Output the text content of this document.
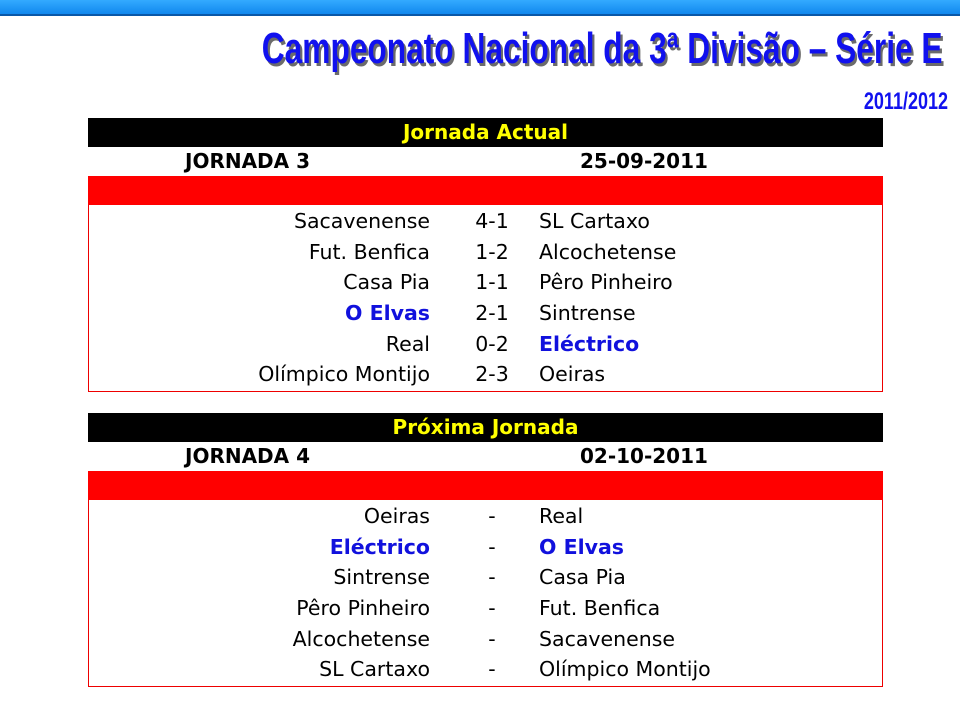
Campeonato Nacional da 3ª Divisão – Série E
2011/2012
Jornada Actual
JORNADA 3	25-09-2011
Sacavenense	4-1	SL Cartaxo
Fut. Benfica	1-2	Alcochetense
Casa Pia	1-1	Pêro Pinheiro
O Elvas	2-1	Sintrense
Real	0-2	Eléctrico
Olímpico Montijo	2-3	Oeiras
Próxima Jornada
JORNADA 4	02-10-2011
Oeiras	-	Real
Eléctrico	-	O Elvas
Sintrense	-	Casa Pia
Pêro Pinheiro	-	Fut. Benfica
Alcochetense	-	Sacavenense
SL Cartaxo	-	Olímpico Montijo
